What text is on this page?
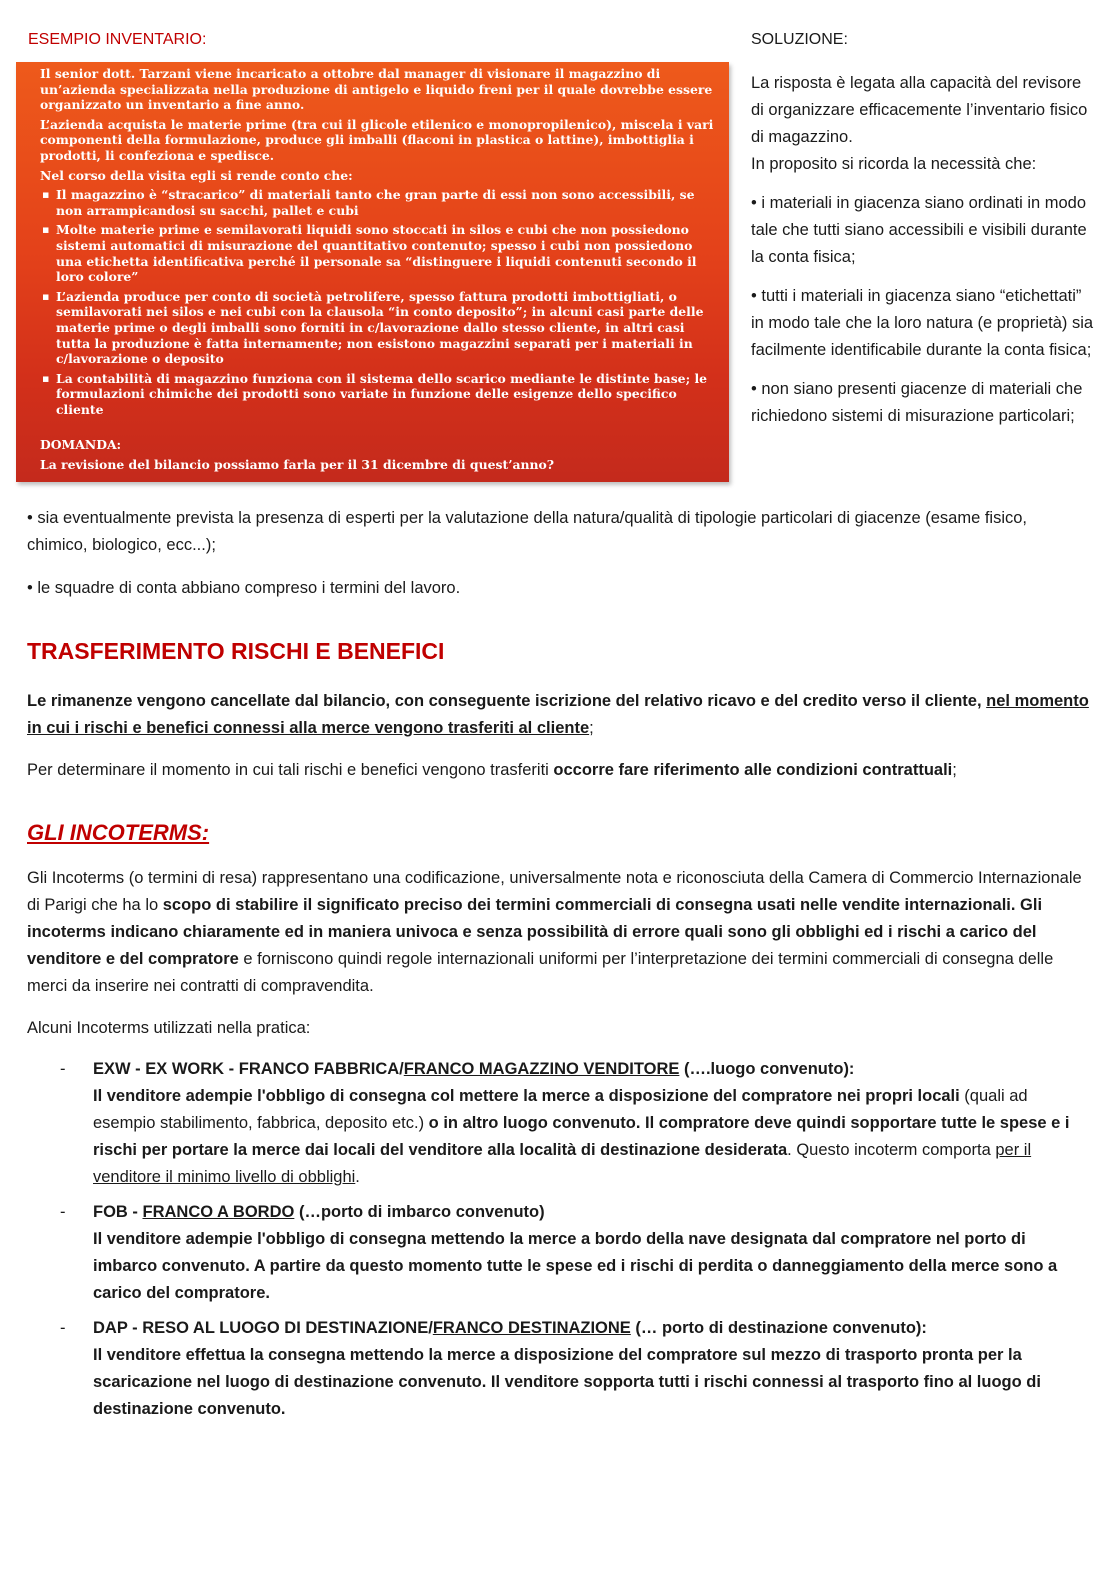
ESEMPIO INVENTARIO:	SOLUZIONE:

Il senior dott. Tarzani viene incaricato a ottobre dal manager di visionare il magazzino di un’azienda specializzata nella produzione di antigelo e liquido freni per il quale dovrebbe essere organizzato un inventario a fine anno.

L’azienda acquista le materie prime (tra cui il glicole etilenico e monopropilenico), miscela i vari componenti della formulazione, produce gli imballi (flaconi in plastica o lattine), imbottiglia i prodotti, li confeziona e spedisce.

Nel corso della visita egli si rende conto che:

▪ Il magazzino è “stracarico” di materiali tanto che gran parte di essi non sono accessibili, se non arrampicandosi su sacchi, pallet e cubi
▪ Molte materie prime e semilavorati liquidi sono stoccati in silos e cubi che non possiedono sistemi automatici di misurazione del quantitativo contenuto; spesso i cubi non possiedono una etichetta identificativa perché il personale sa “distinguere i liquidi contenuti secondo il loro colore”
▪ L’azienda produce per conto di società petrolifere, spesso fattura prodotti imbottigliati, o semilavorati nei silos e nei cubi con la clausola “in conto deposito”; in alcuni casi parte delle materie prime o degli imballi sono forniti in c/lavorazione dallo stesso cliente, in altri casi tutta la produzione è fatta internamente; non esistono magazzini separati per i materiali in c/lavorazione o deposito
▪ La contabilità di magazzino funziona con il sistema dello scarico mediante le distinte base; le formulazioni chimiche dei prodotti sono variate in funzione delle esigenze dello specifico cliente

DOMANDA:

La revisione del bilancio possiamo farla per il 31 dicembre di quest’anno?

La risposta è legata alla capacità del revisore di organizzare efficacemente l’inventario fisico di magazzino.
In proposito si ricorda la necessità che:

• i materiali in giacenza siano ordinati in modo tale che tutti siano accessibili e visibili durante la conta fisica;

• tutti i materiali in giacenza siano “etichettati” in modo tale che la loro natura (e proprietà) sia facilmente identificabile durante la conta fisica;

• non siano presenti giacenze di materiali che richiedono sistemi di misurazione particolari;

• sia eventualmente prevista la presenza di esperti per la valutazione della natura/qualità di tipologie particolari di giacenze (esame fisico, chimico, biologico, ecc...);
• le squadre di conta abbiano compreso i termini del lavoro.
TRASFERIMENTO RISCHI E BENEFICI
Le rimanenze vengono cancellate dal bilancio, con conseguente iscrizione del relativo ricavo e del credito verso il cliente, nel momento in cui i rischi e benefici connessi alla merce vengono trasferiti al cliente;
Per determinare il momento in cui tali rischi e benefici vengono trasferiti occorre fare riferimento alle condizioni contrattuali;
GLI INCOTERMS:
Gli Incoterms (o termini di resa) rappresentano una codificazione, universalmente nota e riconosciuta della Camera di Commercio Internazionale di Parigi che ha lo scopo di stabilire il significato preciso dei termini commerciali di consegna usati nelle vendite internazionali. Gli incoterms indicano chiaramente ed in maniera univoca e senza possibilità di errore quali sono gli obblighi ed i rischi a carico del venditore e del compratore e forniscono quindi regole internazionali uniformi per l’interpretazione dei termini commerciali di consegna delle merci da inserire nei contratti di compravendita.
Alcuni Incoterms utilizzati nella pratica:
- EXW - EX WORK - FRANCO FABBRICA/FRANCO MAGAZZINO VENDITORE (….luogo convenuto):

Il venditore adempie l'obbligo di consegna col mettere la merce a disposizione del compratore nei propri locali (quali ad esempio stabilimento, fabbrica, deposito etc.) o in altro luogo convenuto. Il compratore deve quindi sopportare tutte le spese e i rischi per portare la merce dai locali del venditore alla località di destinazione desiderata. Questo incoterm comporta per il venditore il minimo livello di obblighi.

- FOB - FRANCO A BORDO (…porto di imbarco convenuto)

Il venditore adempie l'obbligo di consegna mettendo la merce a bordo della nave designata dal compratore nel porto di imbarco convenuto. A partire da questo momento tutte le spese ed i rischi di perdita o danneggiamento della merce sono a carico del compratore.

- DAP - RESO AL LUOGO DI DESTINAZIONE/FRANCO DESTINAZIONE (… porto di destinazione convenuto):

Il venditore effettua la consegna mettendo la merce a disposizione del compratore sul mezzo di trasporto pronta per la scaricazione nel luogo di destinazione convenuto. Il venditore sopporta tutti i rischi connessi al trasporto fino al luogo di destinazione convenuto.
